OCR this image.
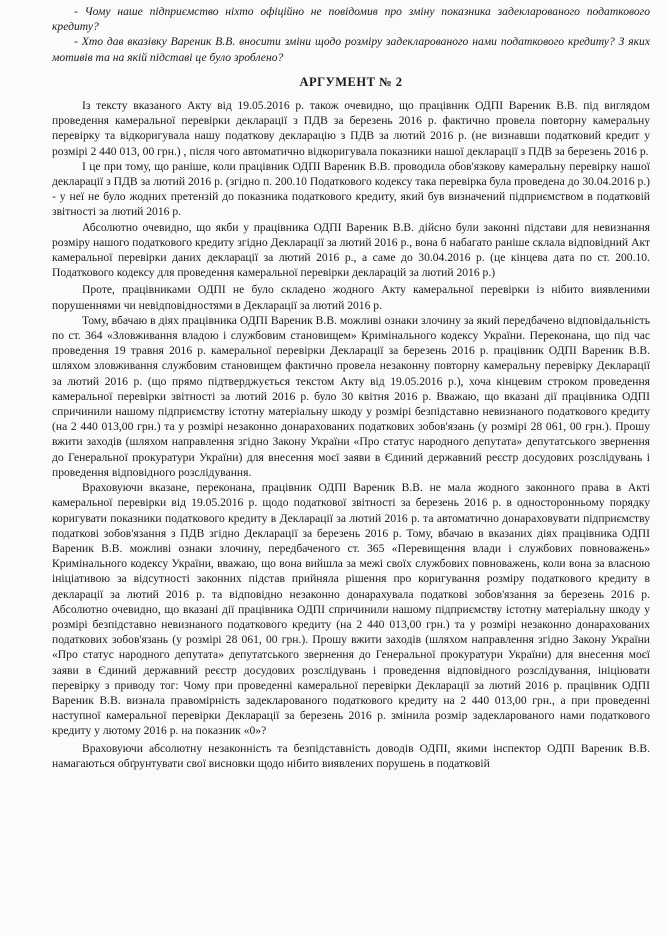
- Чому наше підприємство ніхто офіційно не повідомив про зміну показника задекларованого податкового кредиту?

- Хто дав вказівку Вареник В.В. вносити зміни щодо розміру задекларованого нами податкового кредиту? З яких мотивів та на якій підставі це було зроблено?

АРГУМЕНТ № 2

Із тексту вказаного Акту від 19.05.2016 р. також очевидно, що працівник ОДПІ Вареник В.В. під виглядом проведення камеральної перевірки декларації з ПДВ за березень 2016 р. фактично провела повторну камеральну перевірку та відкоригувала нашу податкову декларацію з ПДВ за лютий 2016 р. (не визнавши податковий кредит у розмірі 2 440 013, 00 грн.) , після чого автоматично відкоригувала показники нашої декларації з ПДВ за березень 2016 р.

І це при тому, що раніше, коли працівник ОДПІ Вареник В.В. проводила обов'язкову камеральну перевірку нашої декларації з ПДВ за лютий 2016 р. (згідно п. 200.10 Податкового кодексу така перевірка була проведена до 30.04.2016 р.) - у неї не було жодних претензій до показника податкового кредиту, який був визначений підприємством в податковій звітності за лютий 2016 р.

Абсолютно очевидно, що якби у працівника ОДПІ Вареник В.В. дійсно були законні підстави для невизнання розміру нашого податкового кредиту згідно Декларації за лютий 2016 р., вона б набагато раніше склала відповідний Акт камеральної перевірки даних декларації за лютий 2016 р., а саме до 30.04.2016 р. (це кінцева дата по ст. 200.10. Податкового кодексу для проведення камеральної перевірки декларацій за лютий 2016 р.)

Проте, працівниками ОДПІ не було складено жодного Акту камеральної перевірки із нібито виявленими порушеннями чи невідповідностями в Декларації за лютий 2016 р.

Тому, вбачаю в діях працівника ОДПІ Вареник В.В. можливі ознаки злочину за який передбачено відповідальність по ст. 364 «Зловживання владою і службовим становищем» Кримінального кодексу України. Переконана, що під час проведення 19 травня 2016 р. камеральної перевірки Декларації за березень 2016 р. працівник ОДПІ Вареник В.В. шляхом зловживання службовим становищем фактично провела незаконну повторну камеральну перевірку Декларації за лютий 2016 р. (що прямо підтверджується текстом Акту від 19.05.2016 р.), хоча кінцевим строком проведення камеральної перевірки звітності за лютий 2016 р. було 30 квітня 2016 р. Вважаю, що вказані дії працівника ОДПІ спричинили нашому підприємству істотну матеріальну шкоду у розмірі безпідставно невизнаного податкового кредиту (на 2 440 013,00 грн.) та у розмірі незаконно донарахованих податкових зобов'язань (у розмірі 28 061, 00 грн.). Прошу вжити заходів (шляхом направлення згідно Закону України «Про статус народного депутата» депутатського звернення до Генеральної прокуратури України) для внесення моєї заяви в Єдиний державний реєстр досудових розслідувань і проведення відповідного розслідування.

Враховуючи вказане, переконана, працівник ОДПІ Вареник В.В. не мала жодного законного права в Акті камеральної перевірки від 19.05.2016 р. щодо податкової звітності за березень 2016 р. в односторонньому порядку коригувати показники податкового кредиту в Декларації за лютий 2016 р. та автоматично донараховувати підприємству податкові зобов'язання з ПДВ згідно Декларації за березень 2016 р. Тому, вбачаю в вказаних діях працівника ОДПІ Вареник В.В. можливі ознаки злочину, передбаченого ст. 365 «Перевищення влади і службових повноважень» Кримінального кодексу України, вважаю, що вона вийшла за межі своїх службових повноважень, коли вона за власною ініціативою за відсутності законних підстав прийняла рішення про коригування розміру податкового кредиту в декларації за лютий 2016 р. та відповідно незаконно донарахувала податкові зобов'язання за березень 2016 р. Абсолютно очевидно, що вказані дії працівника ОДПІ спричинили нашому підприємству істотну матеріальну шкоду у розмірі безпідставно невизнаного податкового кредиту (на 2 440 013,00 грн.) та у розмірі незаконно донарахованих податкових зобов'язань (у розмірі 28 061, 00 грн.). Прошу вжити заходів (шляхом направлення згідно Закону України «Про статус народного депутата» депутатського звернення до Генеральної прокуратури України) для внесення моєї заяви в Єдиний державний реєстр досудових розслідувань і проведення відповідного розслідування, ініціювати перевірку з приводу тог: Чому при проведенні камеральної перевірки Декларації за лютий 2016 р. працівник ОДПІ Вареник В.В. визнала правомірність задекларованого податкового кредиту на 2 440 013,00 грн., а при проведенні наступної камеральної перевірки Декларації за березень 2016 р. змінила розмір задекларованого нами податкового кредиту у лютому 2016 р. на показник «0»?

Враховуючи абсолютну незаконність та безпідставність доводів ОДПІ, якими інспектор ОДПІ Вареник В.В. намагаються обґрунтувати свої висновки щодо нібито виявлених порушень в податковій
